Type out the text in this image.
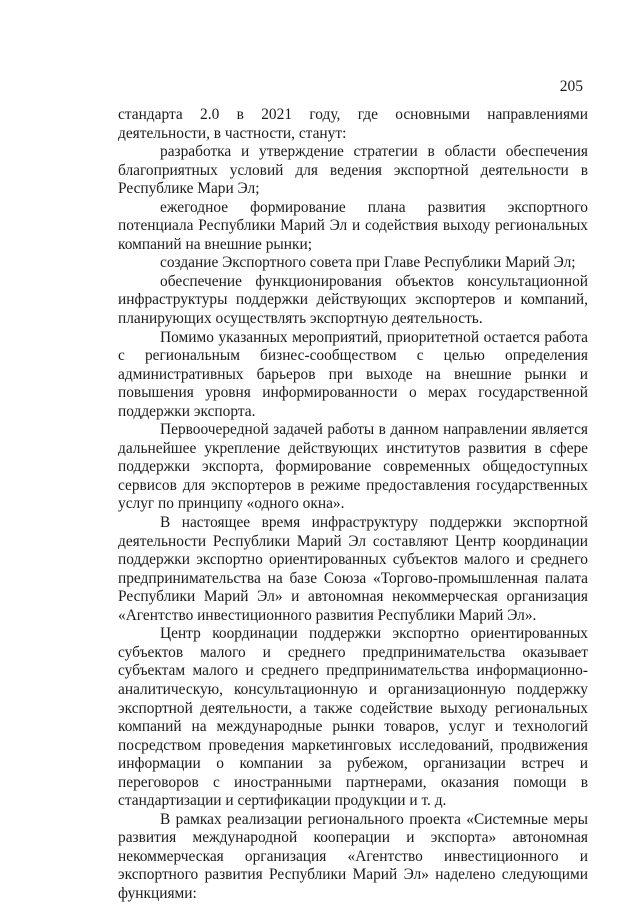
205

стандарта 2.0 в 2021 году, где основными направлениями деятельности, в частности, станут:

разработка и утверждение стратегии в области обеспечения благоприятных условий для ведения экспортной деятельности в Республике Мари Эл;

ежегодное формирование плана развития экспортного потенциала Республики Марий Эл и содействия выходу региональных компаний на внешние рынки;

создание Экспортного совета при Главе Республики Марий Эл;

обеспечение функционирования объектов консультационной инфраструктуры поддержки действующих экспортеров и компаний, планирующих осуществлять экспортную деятельность.

Помимо указанных мероприятий, приоритетной остается работа с региональным бизнес-сообществом с целью определения административных барьеров при выходе на внешние рынки и повышения уровня информированности о мерах государственной поддержки экспорта.

Первоочередной задачей работы в данном направлении является дальнейшее укрепление действующих институтов развития в сфере поддержки экспорта, формирование современных общедоступных сервисов для экспортеров в режиме предоставления государственных услуг по принципу «одного окна».

В настоящее время инфраструктуру поддержки экспортной деятельности Республики Марий Эл составляют Центр координации поддержки экспортно ориентированных субъектов малого и среднего предпринимательства на базе Союза «Торгово-промышленная палата Республики Марий Эл» и автономная некоммерческая организация «Агентство инвестиционного развития Республики Марий Эл».

Центр координации поддержки экспортно ориентированных субъектов малого и среднего предпринимательства оказывает субъектам малого и среднего предпринимательства информационно-аналитическую, консультационную и организационную поддержку экспортной деятельности, а также содействие выходу региональных компаний на международные рынки товаров, услуг и технологий посредством проведения маркетинговых исследований, продвижения информации о компании за рубежом, организации встреч и переговоров с иностранными партнерами, оказания помощи в стандартизации и сертификации продукции и т. д.

В рамках реализации регионального проекта «Системные меры развития международной кооперации и экспорта» автономная некоммерческая организация «Агентство инвестиционного и экспортного развития Республики Марий Эл» наделено следующими функциями:
